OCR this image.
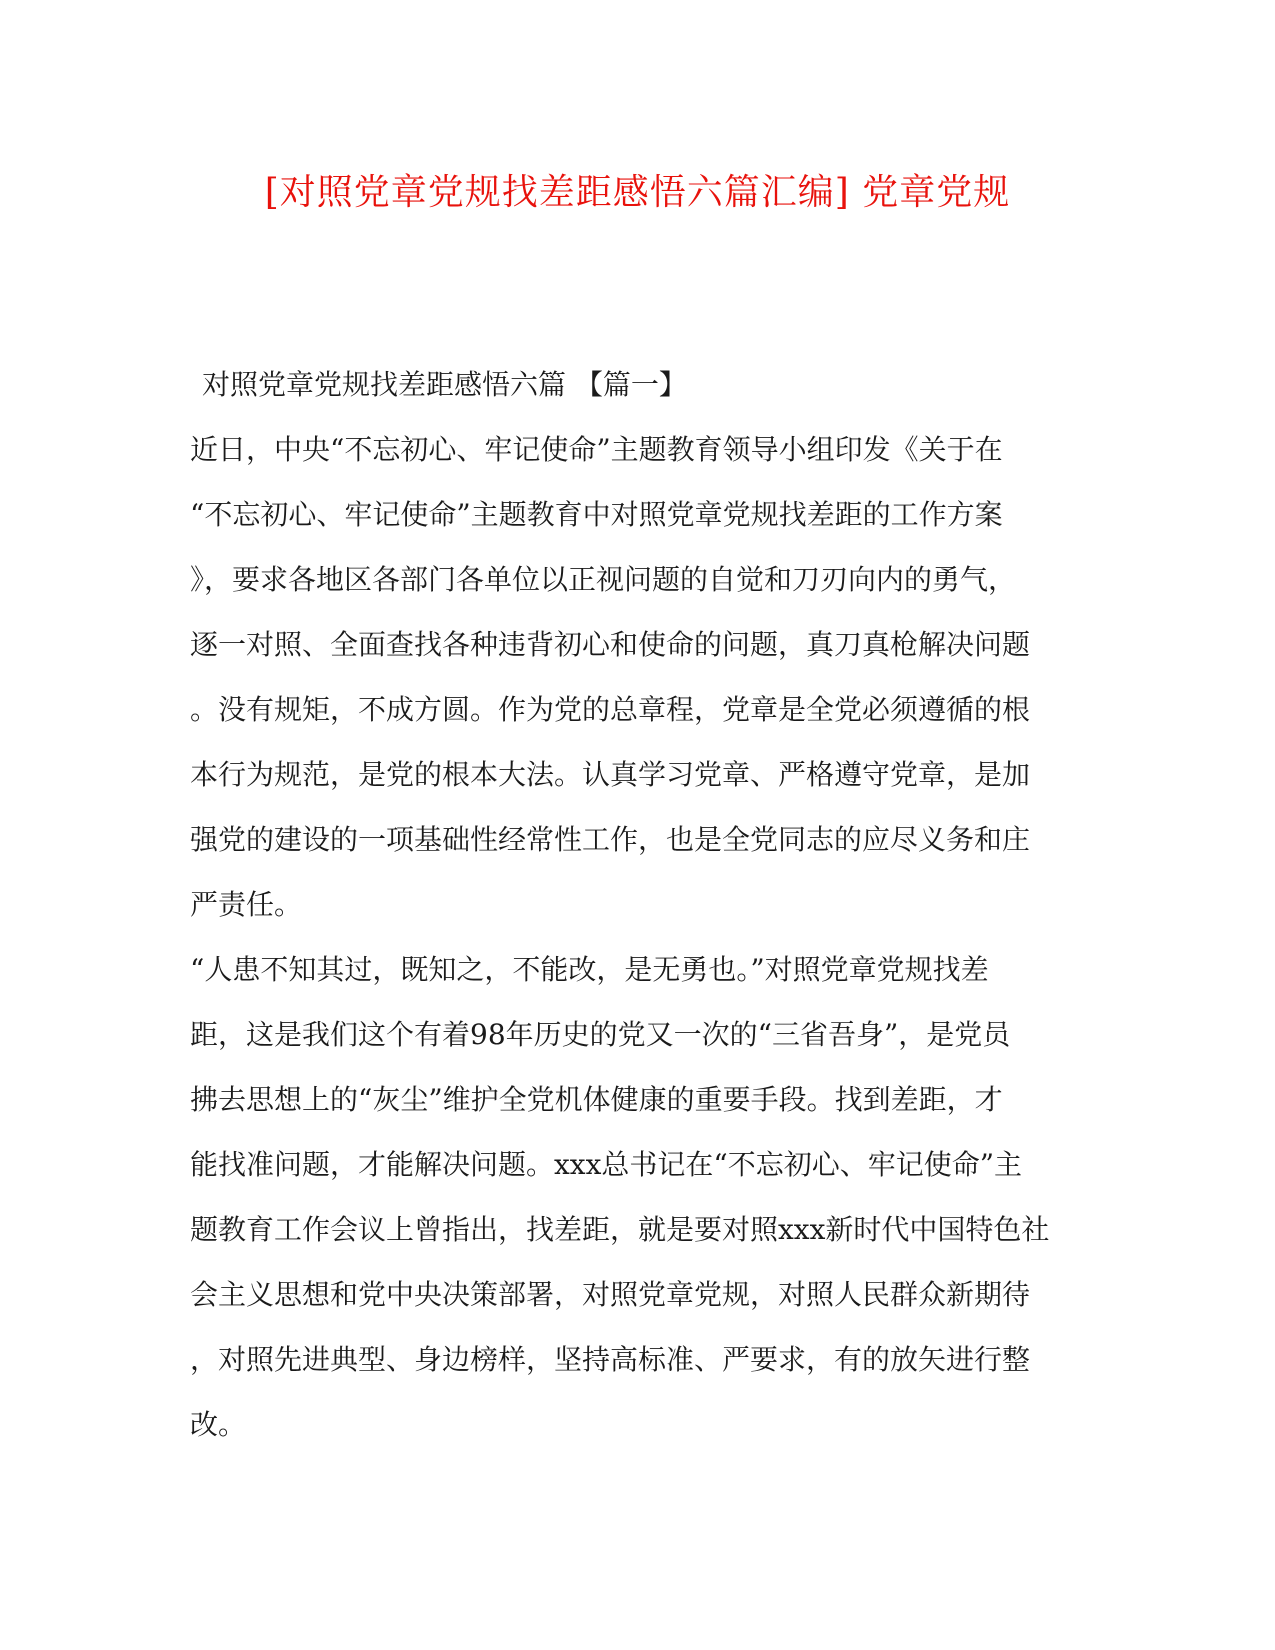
[对照党章党规找差距感悟六篇汇编] 党章党规
对照党章党规找差距感悟六篇 【篇一】
近日，中央“不忘初心、牢记使命”主题教育领导小组印发《关于在
“不忘初心、牢记使命”主题教育中对照党章党规找差距的工作方案
》，要求各地区各部门各单位以正视问题的自觉和刀刃向内的勇气，
逐一对照、全面查找各种违背初心和使命的问题，真刀真枪解决问题
。没有规矩，不成方圆。作为党的总章程，党章是全党必须遵循的根
本行为规范，是党的根本大法。认真学习党章、严格遵守党章，是加
强党的建设的一项基础性经常性工作，也是全党同志的应尽义务和庄
严责任。
“人患不知其过，既知之，不能改，是无勇也。”对照党章党规找差
距，这是我们这个有着98年历史的党又一次的“三省吾身”，是党员
拂去思想上的“灰尘”维护全党机体健康的重要手段。找到差距，才
能找准问题，才能解决问题。xxx总书记在“不忘初心、牢记使命”主
题教育工作会议上曾指出，找差距，就是要对照xxx新时代中国特色社
会主义思想和党中央决策部署，对照党章党规，对照人民群众新期待
，对照先进典型、身边榜样，坚持高标准、严要求，有的放矢进行整
改。
